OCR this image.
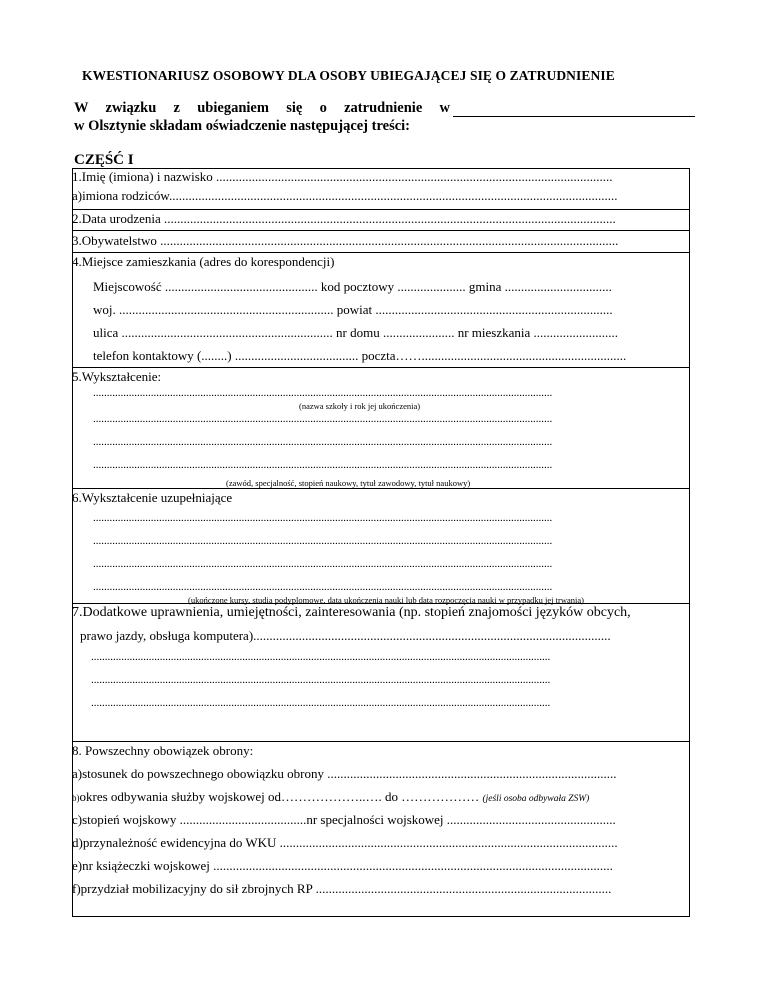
KWESTIONARIUSZ OSOBOWY DLA OSOBY UBIEGAJĄCEJ SIĘ O ZATRUDNIENIE
W związku z ubieganiem się o zatrudnienie w
w Olsztynie składam oświadczenie następującej treści:
CZĘŚĆ I
1.Imię (imiona) i nazwisko ..........................................................................................................................
a)imiona rodziców..........................................................................................................................................
2.Data urodzenia ...........................................................................................................................................
3.Obywatelstwo .............................................................................................................................................
4.Miejsce zamieszkania (adres do korespondencji)
Miejscowość ............................................... kod pocztowy ..................... gmina .................................
woj. .................................................................. powiat .........................................................................
ulica ................................................................. nr domu ...................... nr mieszkania ..........................
telefon kontaktowy (........) ...................................... poczta……...............................................................
5.Wykształcenie:
.......................................................................................................................................................................
(nazwa szkoły i rok jej ukończenia)
.......................................................................................................................................................................
.......................................................................................................................................................................
.......................................................................................................................................................................
(zawód, specjalność, stopień naukowy, tytuł zawodowy, tytuł naukowy)
6.Wykształcenie uzupełniające
.......................................................................................................................................................................
.......................................................................................................................................................................
.......................................................................................................................................................................
.......................................................................................................................................................................
(ukończone kursy, studia podyplomowe, data ukończenia nauki lub data rozpoczęcia nauki w przypadku jej trwania)
7.Dodatkowe uprawnienia, umiejętności, zainteresowania (np. stopień znajomości języków obcych,
prawo jazdy, obsługa komputera)..............................................................................................................
.......................................................................................................................................................................
.......................................................................................................................................................................
.......................................................................................................................................................................
8. Powszechny obowiązek obrony:
a)stosunek do powszechnego obowiązku obrony .........................................................................................
b)okres odbywania służby wojskowej od………………..…. do ……………… (jeśli osoba odbywała ZSW)
c)stopień wojskowy .......................................nr specjalności wojskowej ....................................................
d)przynależność ewidencyjna do WKU ........................................................................................................
e)nr książeczki wojskowej ...........................................................................................................................
f)przydział mobilizacyjny do sił zbrojnych RP ...........................................................................................
